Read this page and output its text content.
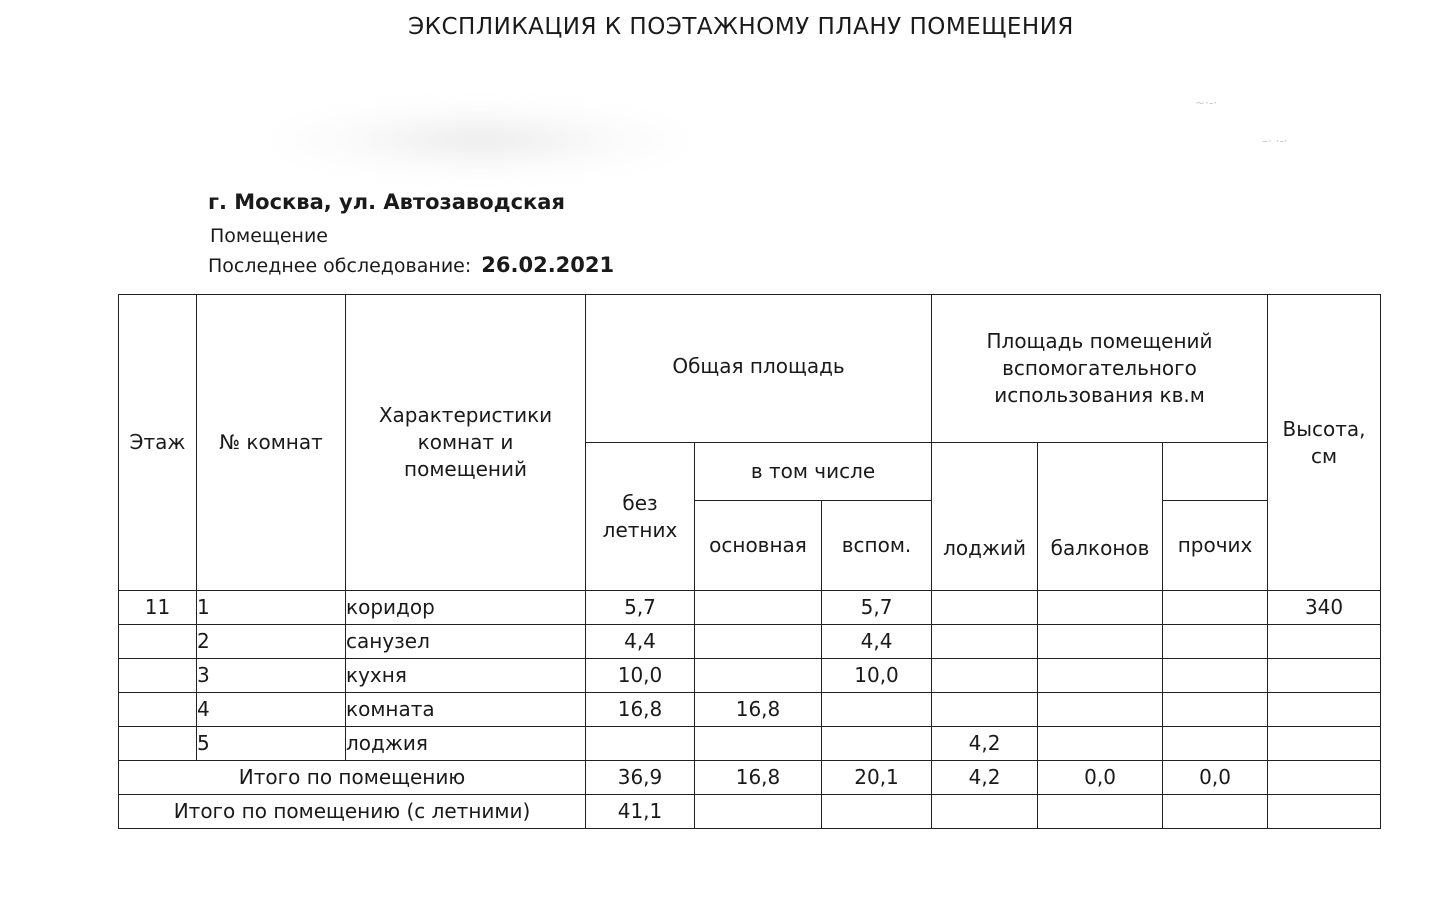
ЭКСПЛИКАЦИЯ К ПОЭТАЖНОМУ ПЛАНУ ПОМЕЩЕНИЯ
~·-·
–· ·-·
г. Москва, ул. Автозаводская
Помещение
Последнее обследование: 26.02.2021
Этаж	№ комнат	Характеристики комнат и помещений	Общая площадь			Площадь помещений вспомогательного использования кв.м			Высота, см
			без летних	в том числе		лоджий	балконов		
				основная	вспом.			прочих	
11	1	коридор	5,7		5,7				340
	2	санузел	4,4		4,4				
	3	кухня	10,0		10,0				
	4	комната	16,8	16,8					
	5	лоджия				4,2			
Итого по помещению			36,9	16,8	20,1	4,2	0,0	0,0	
Итого по помещению (с летними)			41,1						
